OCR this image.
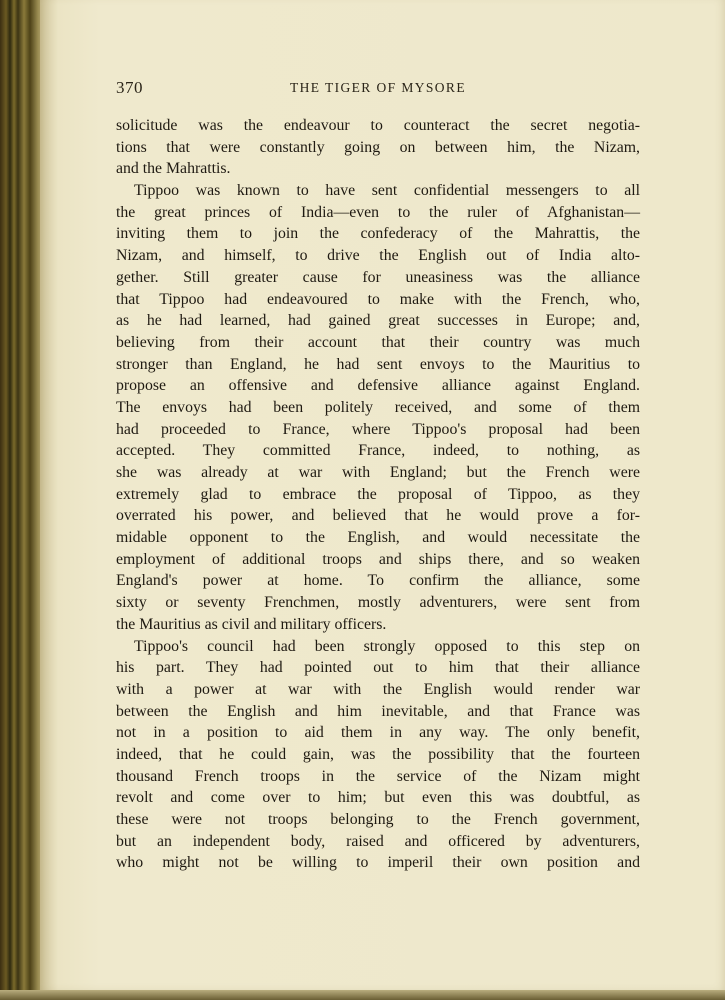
370	THE TIGER OF MYSORE
solicitude was the endeavour to counteract the secret negotia-
tions that were constantly going on between him, the Nizam,
and the Mahrattis.
Tippoo was known to have sent confidential messengers to all
the great princes of India—even to the ruler of Afghanistan—
inviting them to join the confederacy of the Mahrattis, the
Nizam, and himself, to drive the English out of India alto-
gether. Still greater cause for uneasiness was the alliance
that Tippoo had endeavoured to make with the French, who,
as he had learned, had gained great successes in Europe; and,
believing from their account that their country was much
stronger than England, he had sent envoys to the Mauritius to
propose an offensive and defensive alliance against England.
The envoys had been politely received, and some of them
had proceeded to France, where Tippoo's proposal had been
accepted. They committed France, indeed, to nothing, as
she was already at war with England; but the French were
extremely glad to embrace the proposal of Tippoo, as they
overrated his power, and believed that he would prove a for-
midable opponent to the English, and would necessitate the
employment of additional troops and ships there, and so weaken
England's power at home. To confirm the alliance, some
sixty or seventy Frenchmen, mostly adventurers, were sent from
the Mauritius as civil and military officers.
Tippoo's council had been strongly opposed to this step on
his part. They had pointed out to him that their alliance
with a power at war with the English would render war
between the English and him inevitable, and that France was
not in a position to aid them in any way. The only benefit,
indeed, that he could gain, was the possibility that the fourteen
thousand French troops in the service of the Nizam might
revolt and come over to him; but even this was doubtful, as
these were not troops belonging to the French government,
but an independent body, raised and officered by adventurers,
who might not be willing to imperil their own position and
